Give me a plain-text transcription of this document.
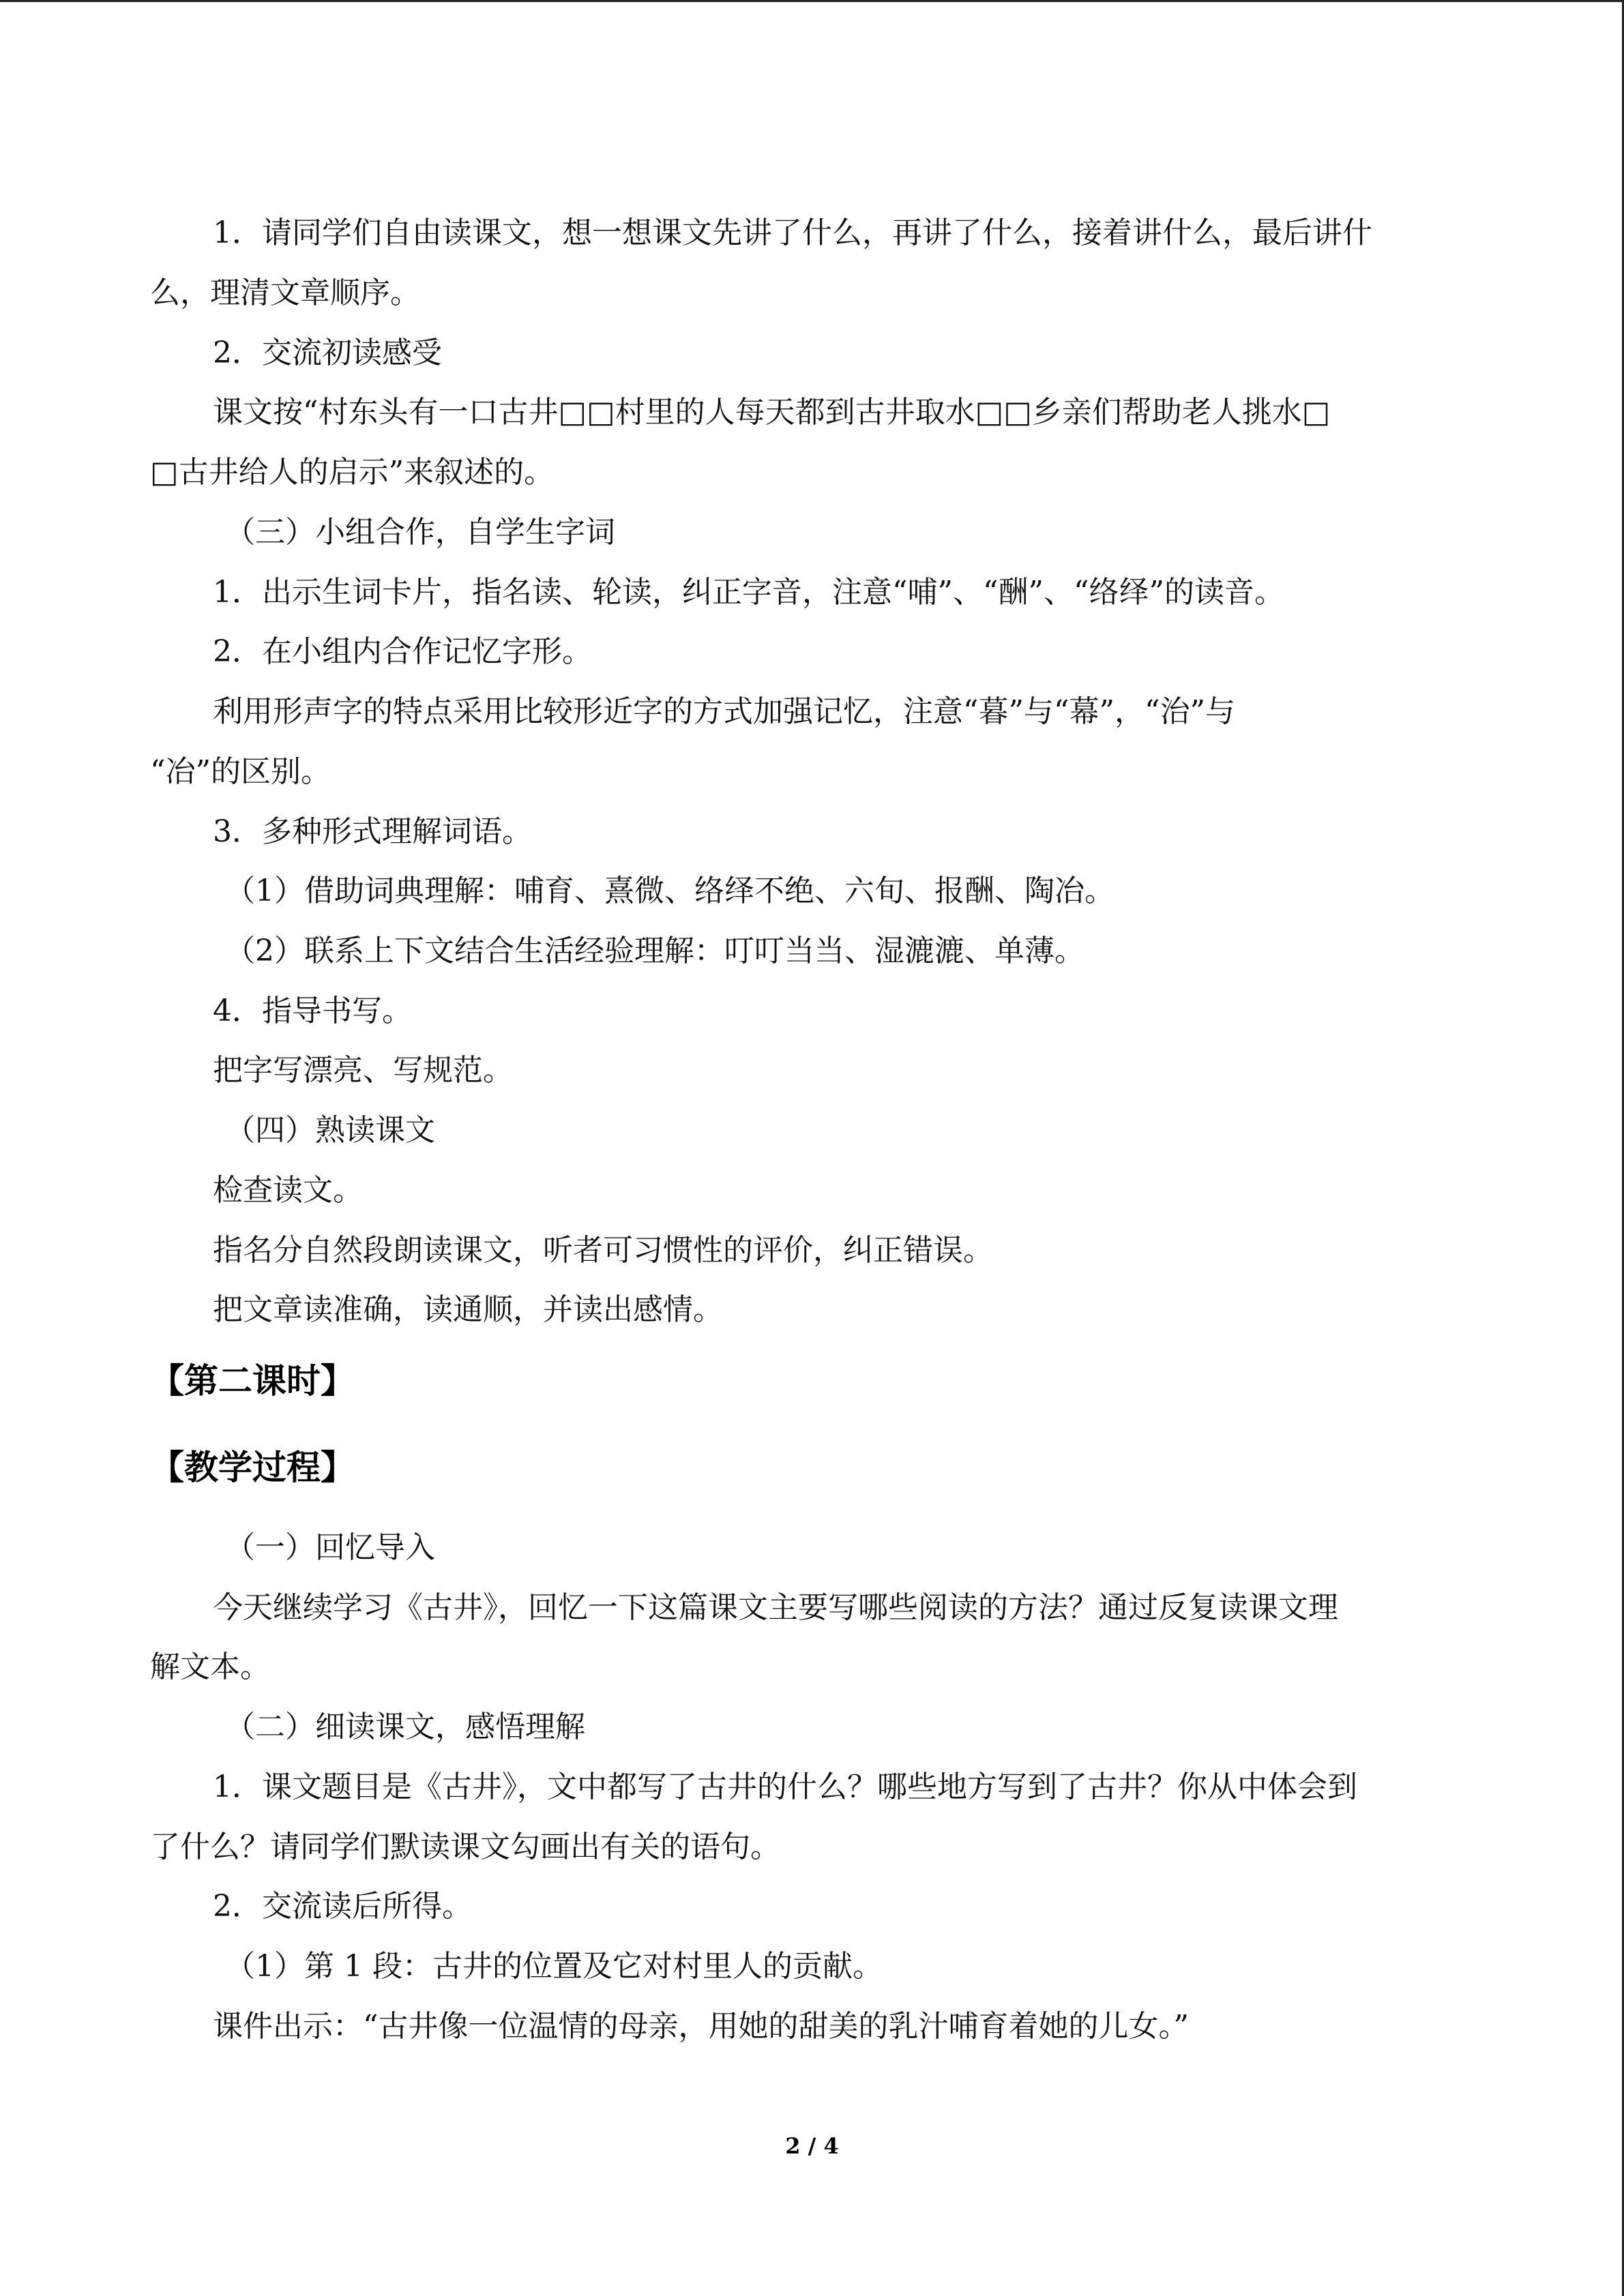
1．请同学们自由读课文，想一想课文先讲了什么，再讲了什么，接着讲什么，最后讲什
么，理清文章顺序。
2．交流初读感受
课文按“村东头有一口古井□□村里的人每天都到古井取水□□乡亲们帮助老人挑水□
□古井给人的启示”来叙述的。
（三）小组合作，自学生字词
1．出示生词卡片，指名读、轮读，纠正字音，注意“哺”、“酬”、“络绎”的读音。
2．在小组内合作记忆字形。
利用形声字的特点采用比较形近字的方式加强记忆，注意“暮”与“幕”，“治”与
“冶”的区别。
3．多种形式理解词语。
（1）借助词典理解：哺育、熹微、络绎不绝、六旬、报酬、陶冶。
（2）联系上下文结合生活经验理解：叮叮当当、湿漉漉、单薄。
4．指导书写。
把字写漂亮、写规范。
（四）熟读课文
检查读文。
指名分自然段朗读课文，听者可习惯性的评价，纠正错误。
把文章读准确，读通顺，并读出感情。
【第二课时】
【教学过程】
（一）回忆导入
今天继续学习《古井》，回忆一下这篇课文主要写哪些阅读的方法？通过反复读课文理
解文本。
（二）细读课文，感悟理解
1．课文题目是《古井》，文中都写了古井的什么？哪些地方写到了古井？你从中体会到
了什么？请同学们默读课文勾画出有关的语句。
2．交流读后所得。
（1）第 1 段：古井的位置及它对村里人的贡献。
课件出示：“古井像一位温情的母亲，用她的甜美的乳汁哺育着她的儿女。”
2 / 4
